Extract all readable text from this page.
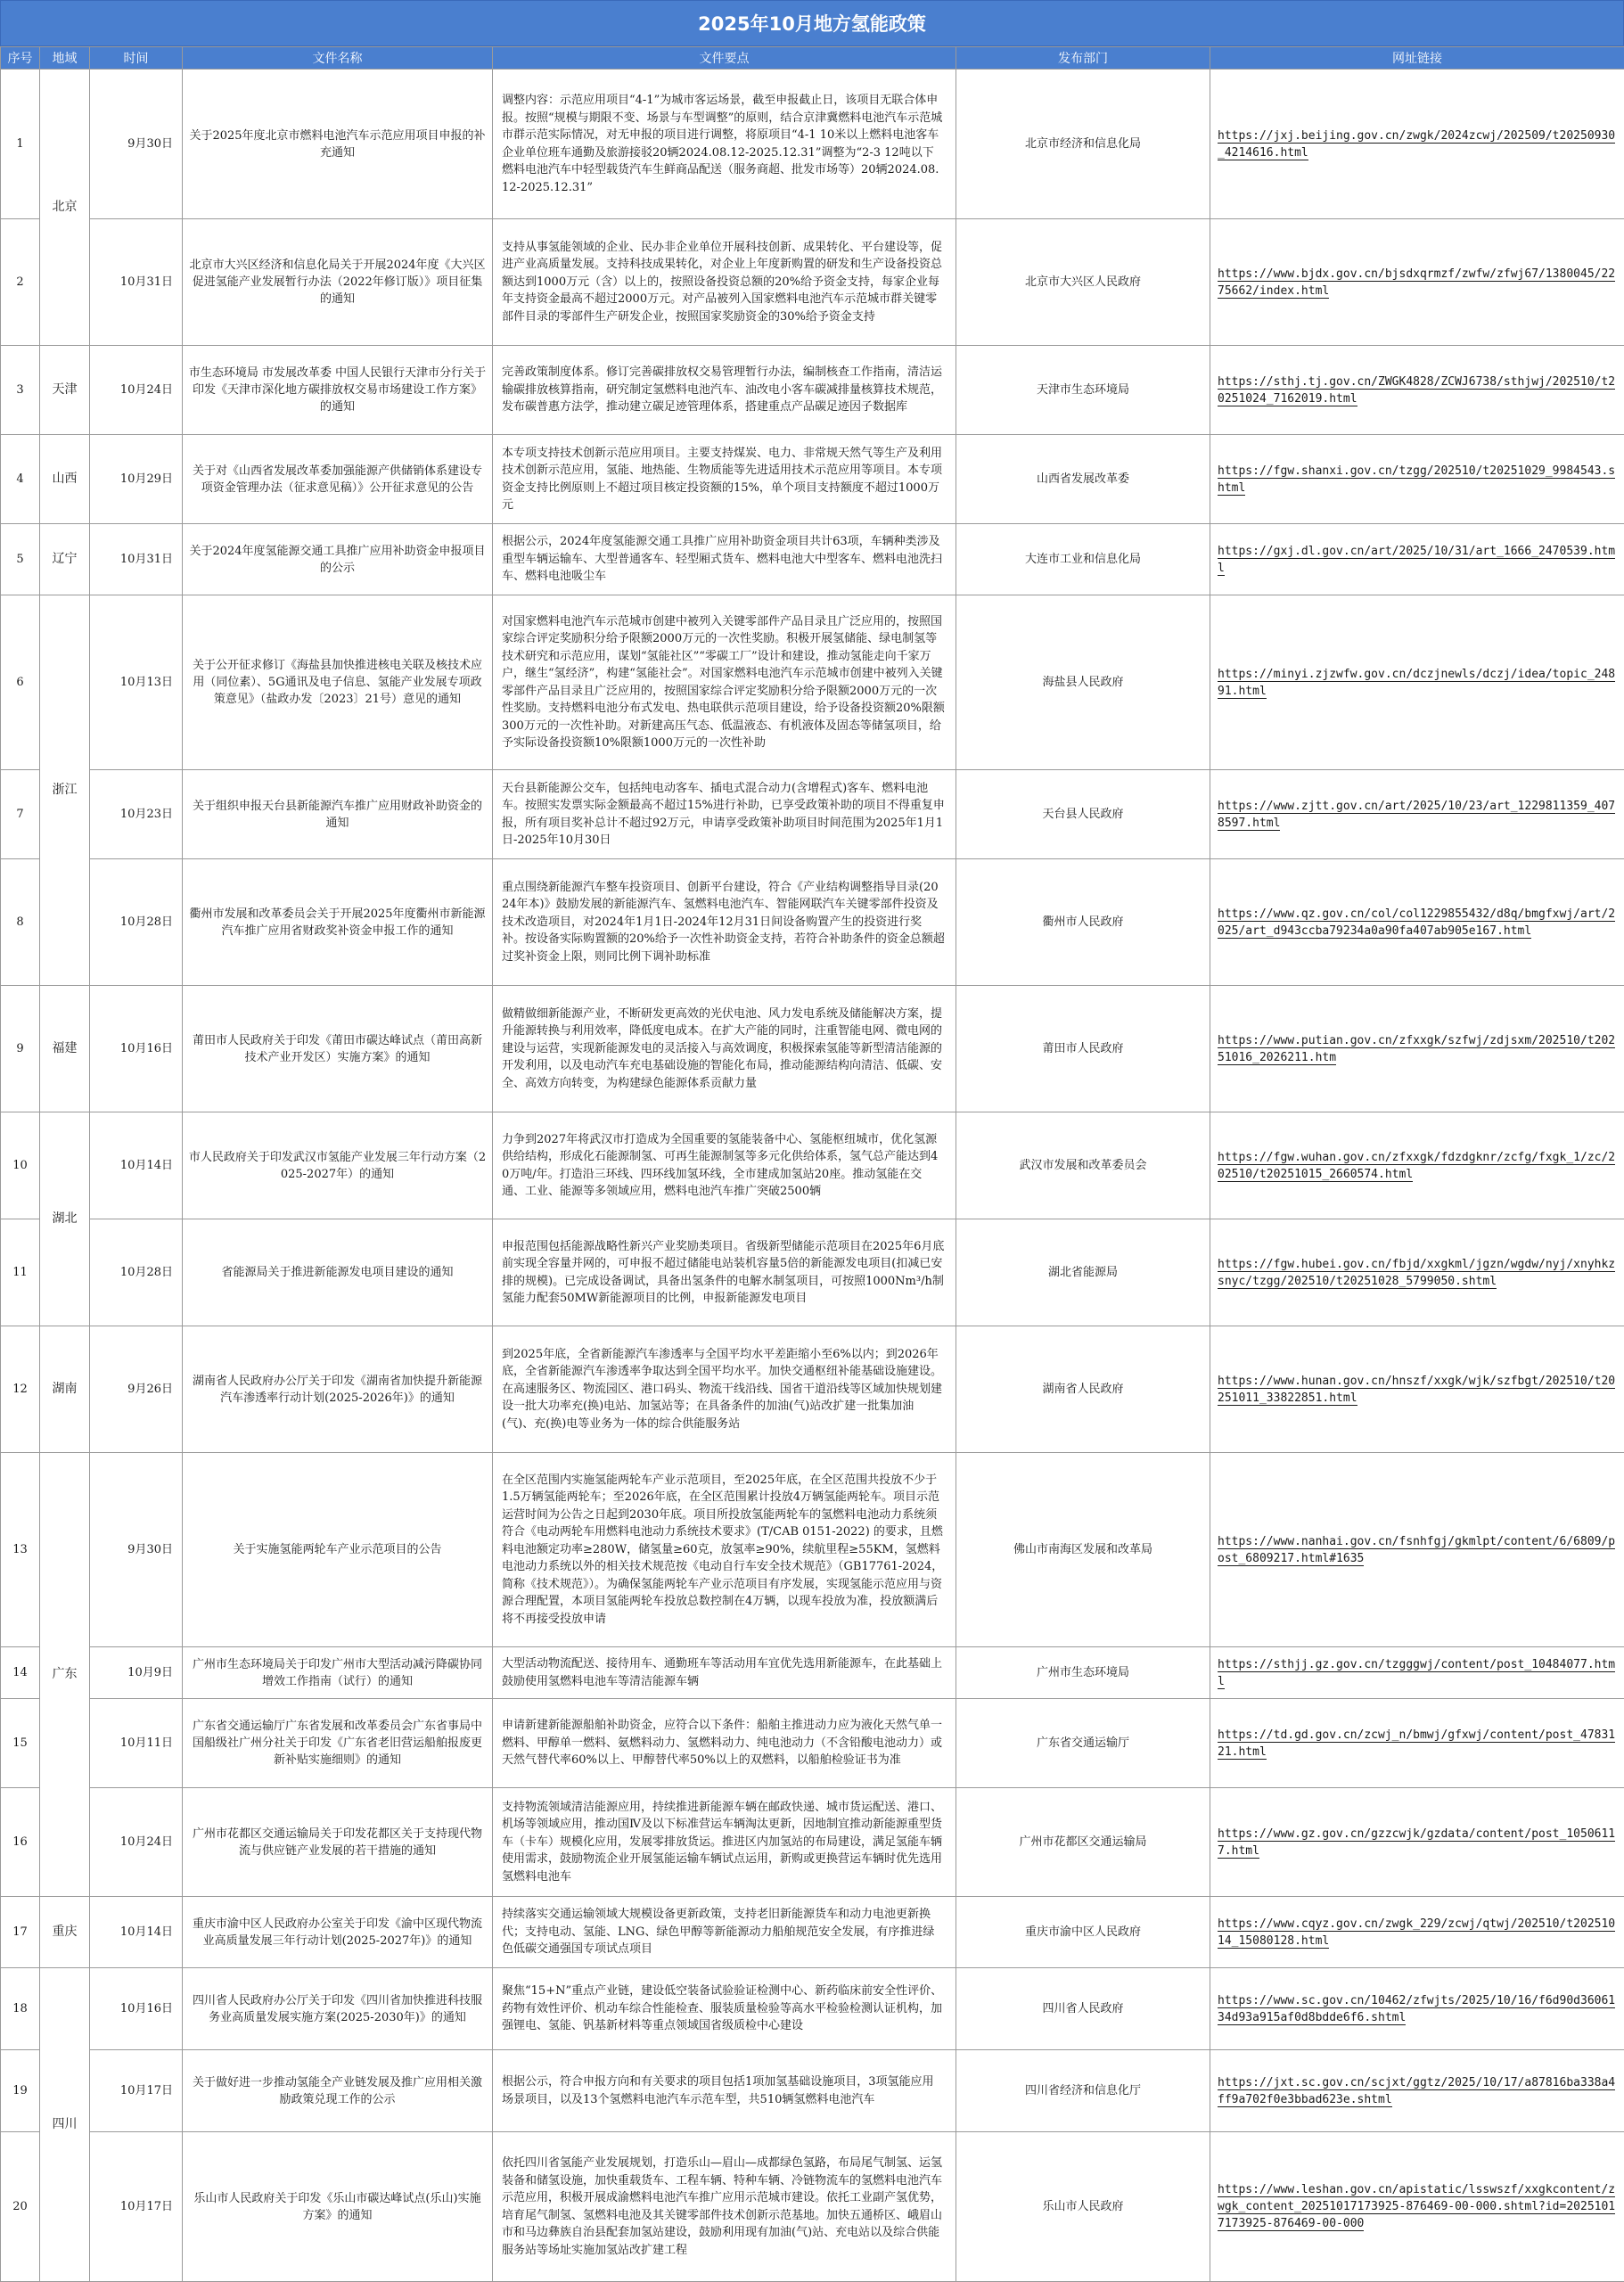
2025年10月地方氢能政策
序号	地域	时间	文件名称	文件要点	发布部门	网址链接
1	北京	9月30日	关于2025年度北京市燃料电池汽车示范应用项目申报的补充通知	调整内容：示范应用项目“4-1”为城市客运场景，截至申报截止日，该项目无联合体申报。按照“规模与期限不变、场景与车型调整”的原则，结合京津冀燃料电池汽车示范城市群示范实际情况，对无申报的项目进行调整，将原项目“4-1 10米以上燃料电池客车企业单位班车通勤及旅游接驳20辆2024.08.12-2025.12.31”调整为“2-3 12吨以下燃料电池汽车中轻型载货汽车生鲜商品配送（服务商超、批发市场等）20辆2024.08.12-2025.12.31”	北京市经济和信息化局	https://jxj.beijing.gov.cn/zwgk/2024zcwj/202509/t20250930_4214616.html
2		10月31日	北京市大兴区经济和信息化局关于开展2024年度《大兴区促进氢能产业发展暂行办法（2022年修订版）》项目征集的通知	支持从事氢能领域的企业、民办非企业单位开展科技创新、成果转化、平台建设等，促进产业高质量发展。支持科技成果转化，对企业上年度新购置的研发和生产设备投资总额达到1000万元（含）以上的，按照设备投资总额的20%给予资金支持，每家企业每年支持资金最高不超过2000万元。对产品被列入国家燃料电池汽车示范城市群关键零部件目录的零部件生产研发企业，按照国家奖励资金的30%给予资金支持	北京市大兴区人民政府	https://www.bjdx.gov.cn/bjsdxqrmzf/zwfw/zfwj67/1380045/2275662/index.html
3	天津	10月24日	市生态环境局 市发展改革委 中国人民银行天津市分行关于印发《天津市深化地方碳排放权交易市场建设工作方案》的通知	完善政策制度体系。修订完善碳排放权交易管理暂行办法，编制核查工作指南，清洁运输碳排放核算指南，研究制定氢燃料电池汽车、油改电小客车碳减排量核算技术规范，发布碳普惠方法学，推动建立碳足迹管理体系，搭建重点产品碳足迹因子数据库	天津市生态环境局	https://sthj.tj.gov.cn/ZWGK4828/ZCWJ6738/sthjwj/202510/t20251024_7162019.html
4	山西	10月29日	关于对《山西省发展改革委加强能源产供储销体系建设专项资金管理办法（征求意见稿）》公开征求意见的公告	本专项支持技术创新示范应用项目。主要支持煤炭、电力、非常规天然气等生产及利用技术创新示范应用，氢能、地热能、生物质能等先进适用技术示范应用等项目。本专项资金支持比例原则上不超过项目核定投资额的15%，单个项目支持额度不超过1000万元	山西省发展改革委	https://fgw.shanxi.gov.cn/tzgg/202510/t20251029_9984543.shtml
5	辽宁	10月31日	关于2024年度氢能源交通工具推广应用补助资金申报项目的公示	根据公示，2024年度氢能源交通工具推广应用补助资金项目共计63项，车辆种类涉及重型车辆运输车、大型普通客车、轻型厢式货车、燃料电池大中型客车、燃料电池洗扫车、燃料电池吸尘车	大连市工业和信息化局	https://gxj.dl.gov.cn/art/2025/10/31/art_1666_2470539.html
6	浙江	10月13日	关于公开征求修订《海盐县加快推进核电关联及核技术应用（同位素）、5G通讯及电子信息、氢能产业发展专项政策意见》（盐政办发〔2023〕21号）意见的通知	对国家燃料电池汽车示范城市创建中被列入关键零部件产品目录且广泛应用的，按照国家综合评定奖励积分给予限额2000万元的一次性奖励。积极开展氢储能、绿电制氢等技术研究和示范应用，谋划“氢能社区”“零碳工厂”设计和建设，推动氢能走向千家万户，继生“氢经济”，构建“氢能社会”。对国家燃料电池汽车示范城市创建中被列入关键零部件产品目录且广泛应用的，按照国家综合评定奖励积分给予限额2000万元的一次性奖励。支持燃料电池分布式发电、热电联供示范项目建设，给予设备投资额20%限额300万元的一次性补助。对新建高压气态、低温液态、有机液体及固态等储氢项目，给予实际设备投资额10%限额1000万元的一次性补助	海盐县人民政府	https://minyi.zjzwfw.gov.cn/dczjnewls/dczj/idea/topic_24891.html
7		10月23日	关于组织申报天台县新能源汽车推广应用财政补助资金的通知	天台县新能源公交车，包括纯电动客车、插电式混合动力(含增程式)客车、燃料电池车。按照实发票实际金额最高不超过15%进行补助，已享受政策补助的项目不得重复申报，所有项目奖补总计不超过92万元，申请享受政策补助项目时间范围为2025年1月1日-2025年10月30日	天台县人民政府	https://www.zjtt.gov.cn/art/2025/10/23/art_1229811359_4078597.html
8		10月28日	衢州市发展和改革委员会关于开展2025年度衢州市新能源汽车推广应用省财政奖补资金申报工作的通知	重点围绕新能源汽车整车投资项目、创新平台建设，符合《产业结构调整指导目录(2024年本)》鼓励发展的新能源汽车、氢燃料电池汽车、智能网联汽车关键零部件投资及技术改造项目，对2024年1月1日-2024年12月31日间设备购置产生的投资进行奖补。按设备实际购置额的20%给予一次性补助资金支持，若符合补助条件的资金总额超过奖补资金上限，则同比例下调补助标准	衢州市人民政府	https://www.qz.gov.cn/col/col1229855432/d8q/bmgfxwj/art/2025/art_d943ccba79234a0a90fa407ab905e167.html
9	福建	10月16日	莆田市人民政府关于印发《莆田市碳达峰试点（莆田高新技术产业开发区）实施方案》的通知	做精做细新能源产业，不断研发更高效的光伏电池、风力发电系统及储能解决方案，提升能源转换与利用效率，降低度电成本。在扩大产能的同时，注重智能电网、微电网的建设与运营，实现新能源发电的灵活接入与高效调度，积极探索氢能等新型清洁能源的开发利用，以及电动汽车充电基础设施的智能化布局，推动能源结构向清洁、低碳、安全、高效方向转变，为构建绿色能源体系贡献力量	莆田市人民政府	https://www.putian.gov.cn/zfxxgk/szfwj/zdjsxm/202510/t20251016_2026211.htm
10	湖北	10月14日	市人民政府关于印发武汉市氢能产业发展三年行动方案（2025-2027年）的通知	力争到2027年将武汉市打造成为全国重要的氢能装备中心、氢能枢纽城市，优化氢源供给结构，形成化石能源制氢、可再生能源制氢等多元化供给体系，氢气总产能达到40万吨/年。打造沿三环线、四环线加氢环线，全市建成加氢站20座。推动氢能在交通、工业、能源等多领域应用，燃料电池汽车推广突破2500辆	武汉市发展和改革委员会	https://fgw.wuhan.gov.cn/zfxxgk/fdzdgknr/zcfg/fxgk_1/zc/202510/t20251015_2660574.html
11		10月28日	省能源局关于推进新能源发电项目建设的通知	申报范围包括能源战略性新兴产业奖励类项目。省级新型储能示范项目在2025年6月底前实现全容量并网的，可申报不超过储能电站装机容量5倍的新能源发电项目(扣减已安排的规模)。已完成设备调试，具备出氢条件的电解水制氢项目，可按照1000Nm³/h制氢能力配套50MW新能源项目的比例，申报新能源发电项目	湖北省能源局	https://fgw.hubei.gov.cn/fbjd/xxgkml/jgzn/wgdw/nyj/xnyhkzsnyc/tzgg/202510/t20251028_5799050.shtml
12	湖南	9月26日	湖南省人民政府办公厅关于印发《湖南省加快提升新能源汽车渗透率行动计划(2025-2026年)》的通知	到2025年底，全省新能源汽车渗透率与全国平均水平差距缩小至6%以内；到2026年底，全省新能源汽车渗透率争取达到全国平均水平。加快交通枢纽补能基础设施建设。在高速服务区、物流园区、港口码头、物流干线沿线、国省干道沿线等区域加快规划建设一批大功率充(换)电站、加氢站等；在具备条件的加油(气)站改扩建一批集加油(气)、充(换)电等业务为一体的综合供能服务站	湖南省人民政府	https://www.hunan.gov.cn/hnszf/xxgk/wjk/szfbgt/202510/t20251011_33822851.html
13	广东	9月30日	关于实施氢能两轮车产业示范项目的公告	在全区范围内实施氢能两轮车产业示范项目，至2025年底，在全区范围共投放不少于1.5万辆氢能两轮车；至2026年底，在全区范围累计投放4万辆氢能两轮车。项目示范运营时间为公告之日起到2030年底。项目所投放氢能两轮车的氢燃料电池动力系统须符合《电动两轮车用燃料电池动力系统技术要求》(T/CAB 0151-2022) 的要求，且燃料电池额定功率≥280W，储氢量≥60克，放氢率≥90%，续航里程≥55KM，氢燃料电池动力系统以外的相关技术规范按《电动自行车安全技术规范》（GB17761-2024，简称《技术规范》）。为确保氢能两轮车产业示范项目有序发展，实现氢能示范应用与资源合理配置，本项目氢能两轮车投放总数控制在4万辆，以现车投放为准，投放额满后将不再接受投放申请	佛山市南海区发展和改革局	https://www.nanhai.gov.cn/fsnhfgj/gkmlpt/content/6/6809/post_6809217.html#1635
14		10月9日	广州市生态环境局关于印发广州市大型活动减污降碳协同增效工作指南（试行）的通知	大型活动物流配送、接待用车、通勤班车等活动用车宜优先选用新能源车，在此基础上鼓励使用氢燃料电池车等清洁能源车辆	广州市生态环境局	https://sthjj.gz.gov.cn/tzgggwj/content/post_10484077.html
15		10月11日	广东省交通运输厅广东省发展和改革委员会广东省事局中国船级社广州分社关于印发《广东省老旧营运船舶报废更新补贴实施细则》的通知	申请新建新能源船舶补助资金，应符合以下条件：船舶主推进动力应为液化天然气单一燃料、甲醇单一燃料、氨燃料动力、氢燃料动力、纯电池动力（不含铅酸电池动力）或天然气替代率60%以上、甲醇替代率50%以上的双燃料，以船舶检验证书为准	广东省交通运输厅	https://td.gd.gov.cn/zcwj_n/bmwj/gfxwj/content/post_4783121.html
16		10月24日	广州市花都区交通运输局关于印发花都区关于支持现代物流与供应链产业发展的若干措施的通知	支持物流领域清洁能源应用，持续推进新能源车辆在邮政快递、城市货运配送、港口、机场等领域应用，推动国Ⅳ及以下标准营运车辆淘汰更新，因地制宜推动新能源重型货车（卡车）规模化应用，发展零排放货运。推进区内加氢站的布局建设，满足氢能车辆使用需求，鼓励物流企业开展氢能运输车辆试点运用，新购或更换营运车辆时优先选用氢燃料电池车	广州市花都区交通运输局	https://www.gz.gov.cn/gzzcwjk/gzdata/content/post_10506117.html
17	重庆	10月14日	重庆市渝中区人民政府办公室关于印发《渝中区现代物流业高质量发展三年行动计划(2025-2027年)》的通知	持续落实交通运输领域大规模设备更新政策，支持老旧新能源货车和动力电池更新换代；支持电动、氢能、LNG、绿色甲醇等新能源动力船舶规范安全发展，有序推进绿色低碳交通强国专项试点项目	重庆市渝中区人民政府	https://www.cqyz.gov.cn/zwgk_229/zcwj/qtwj/202510/t20251014_15080128.html
18	四川	10月16日	四川省人民政府办公厅关于印发《四川省加快推进科技服务业高质量发展实施方案(2025-2030年)》的通知	聚焦“15+N”重点产业链，建设低空装备试验验证检测中心、新药临床前安全性评价、药物有效性评价、机动车综合性能检查、服装质量检验等高水平检验检测认证机构，加强锂电、氢能、钒基新材料等重点领域国省级质检中心建设	四川省人民政府	https://www.sc.gov.cn/10462/zfwjts/2025/10/16/f6d90d3606134d93a915af0d8bdde6f6.shtml
19		10月17日	关于做好进一步推动氢能全产业链发展及推广应用相关激励政策兑现工作的公示	根据公示，符合申报方向和有关要求的项目包括1项加氢基础设施项目，3项氢能应用场景项目，以及13个氢燃料电池汽车示范车型，共510辆氢燃料电池汽车	四川省经济和信息化厅	https://jxt.sc.gov.cn/scjxt/ggtz/2025/10/17/a87816ba338a4ff9a702f0e3bbad623e.shtml
20		10月17日	乐山市人民政府关于印发《乐山市碳达峰试点(乐山)实施方案》的通知	依托四川省氢能产业发展规划，打造乐山—眉山—成都绿色氢路，布局尾气制氢、运氢装备和储氢设施，加快重载货车、工程车辆、特种车辆、冷链物流车的氢燃料电池汽车示范应用，积极开展成渝燃料电池汽车推广应用示范城市建设。依托工业副产氢优势，培育尾气制氢、氢燃料电池及其关键零部件技术创新示范基地。加快五通桥区、峨眉山市和马边彝族自治县配套加氢站建设，鼓励利用现有加油(气)站、充电站以及综合供能服务站等场址实施加氢站改扩建工程	乐山市人民政府	https://www.leshan.gov.cn/apistatic/lsswszf/xxgkcontent/zwgk_content_20251017173925-876469-00-000.shtml?id=20251017173925-876469-00-000
